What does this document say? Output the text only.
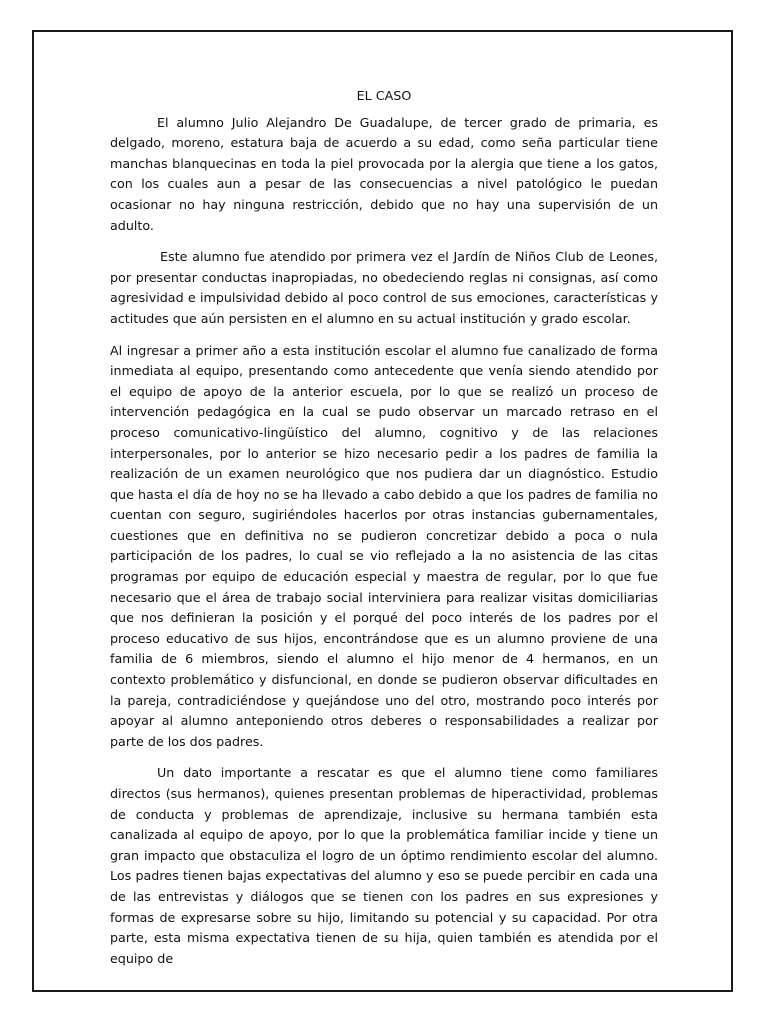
EL CASO

El alumno Julio Alejandro De Guadalupe, de tercer grado de primaria, es delgado, moreno, estatura baja de acuerdo a su edad, como seña particular tiene manchas blanquecinas en toda la piel provocada por la alergia que tiene a los gatos, con los cuales aun a pesar de las consecuencias a nivel patológico le puedan ocasionar no hay ninguna restricción, debido que no hay una supervisión de un adulto.

Este alumno fue atendido por primera vez el Jardín de Niños Club de Leones, por presentar conductas inapropiadas, no obedeciendo reglas ni consignas, así como agresividad e impulsividad debido al poco control de sus emociones, características y actitudes que aún persisten en el alumno en su actual institución y grado escolar.

Al ingresar a primer año a esta institución escolar el alumno fue canalizado de forma inmediata al equipo, presentando como antecedente que venía siendo atendido por el equipo de apoyo de la anterior escuela, por lo que se realizó un proceso de intervención pedagógica en la cual se pudo observar un marcado retraso en el proceso comunicativo-lingüístico del alumno, cognitivo y de las relaciones interpersonales, por lo anterior se hizo necesario pedir a los padres de familia la realización de un examen neurológico que nos pudiera dar un diagnóstico. Estudio que hasta el día de hoy no se ha llevado a cabo debido a que los padres de familia no cuentan con seguro, sugiriéndoles hacerlos por otras instancias gubernamentales, cuestiones que en definitiva no se pudieron concretizar debido a poca o nula participación de los padres, lo cual se vio reflejado a la no asistencia de las citas programas por equipo de educación especial y maestra de regular, por lo que fue necesario que el área de trabajo social interviniera para realizar visitas domiciliarias que nos definieran la posición y el porqué del poco interés de los padres por el proceso educativo de sus hijos, encontrándose que es un alumno proviene de una familia de 6 miembros, siendo el alumno el hijo menor de 4 hermanos, en un contexto problemático y disfuncional, en donde se pudieron observar dificultades en la pareja, contradiciéndose y quejándose uno del otro, mostrando poco interés por apoyar al alumno anteponiendo otros deberes o responsabilidades a realizar por parte de los dos padres.

Un dato importante a rescatar es que el alumno tiene como familiares directos (sus hermanos), quienes presentan problemas de hiperactividad, problemas de conducta y problemas de aprendizaje, inclusive su hermana también esta canalizada al equipo de apoyo, por lo que la problemática familiar incide y tiene un gran impacto que obstaculiza el logro de un óptimo rendimiento escolar del alumno. Los padres tienen bajas expectativas del alumno y eso se puede percibir en cada una de las entrevistas y diálogos que se tienen con los padres en sus expresiones y formas de expresarse sobre su hijo, limitando su potencial y su capacidad. Por otra parte, esta misma expectativa tienen de su hija, quien también es atendida por el equipo de
